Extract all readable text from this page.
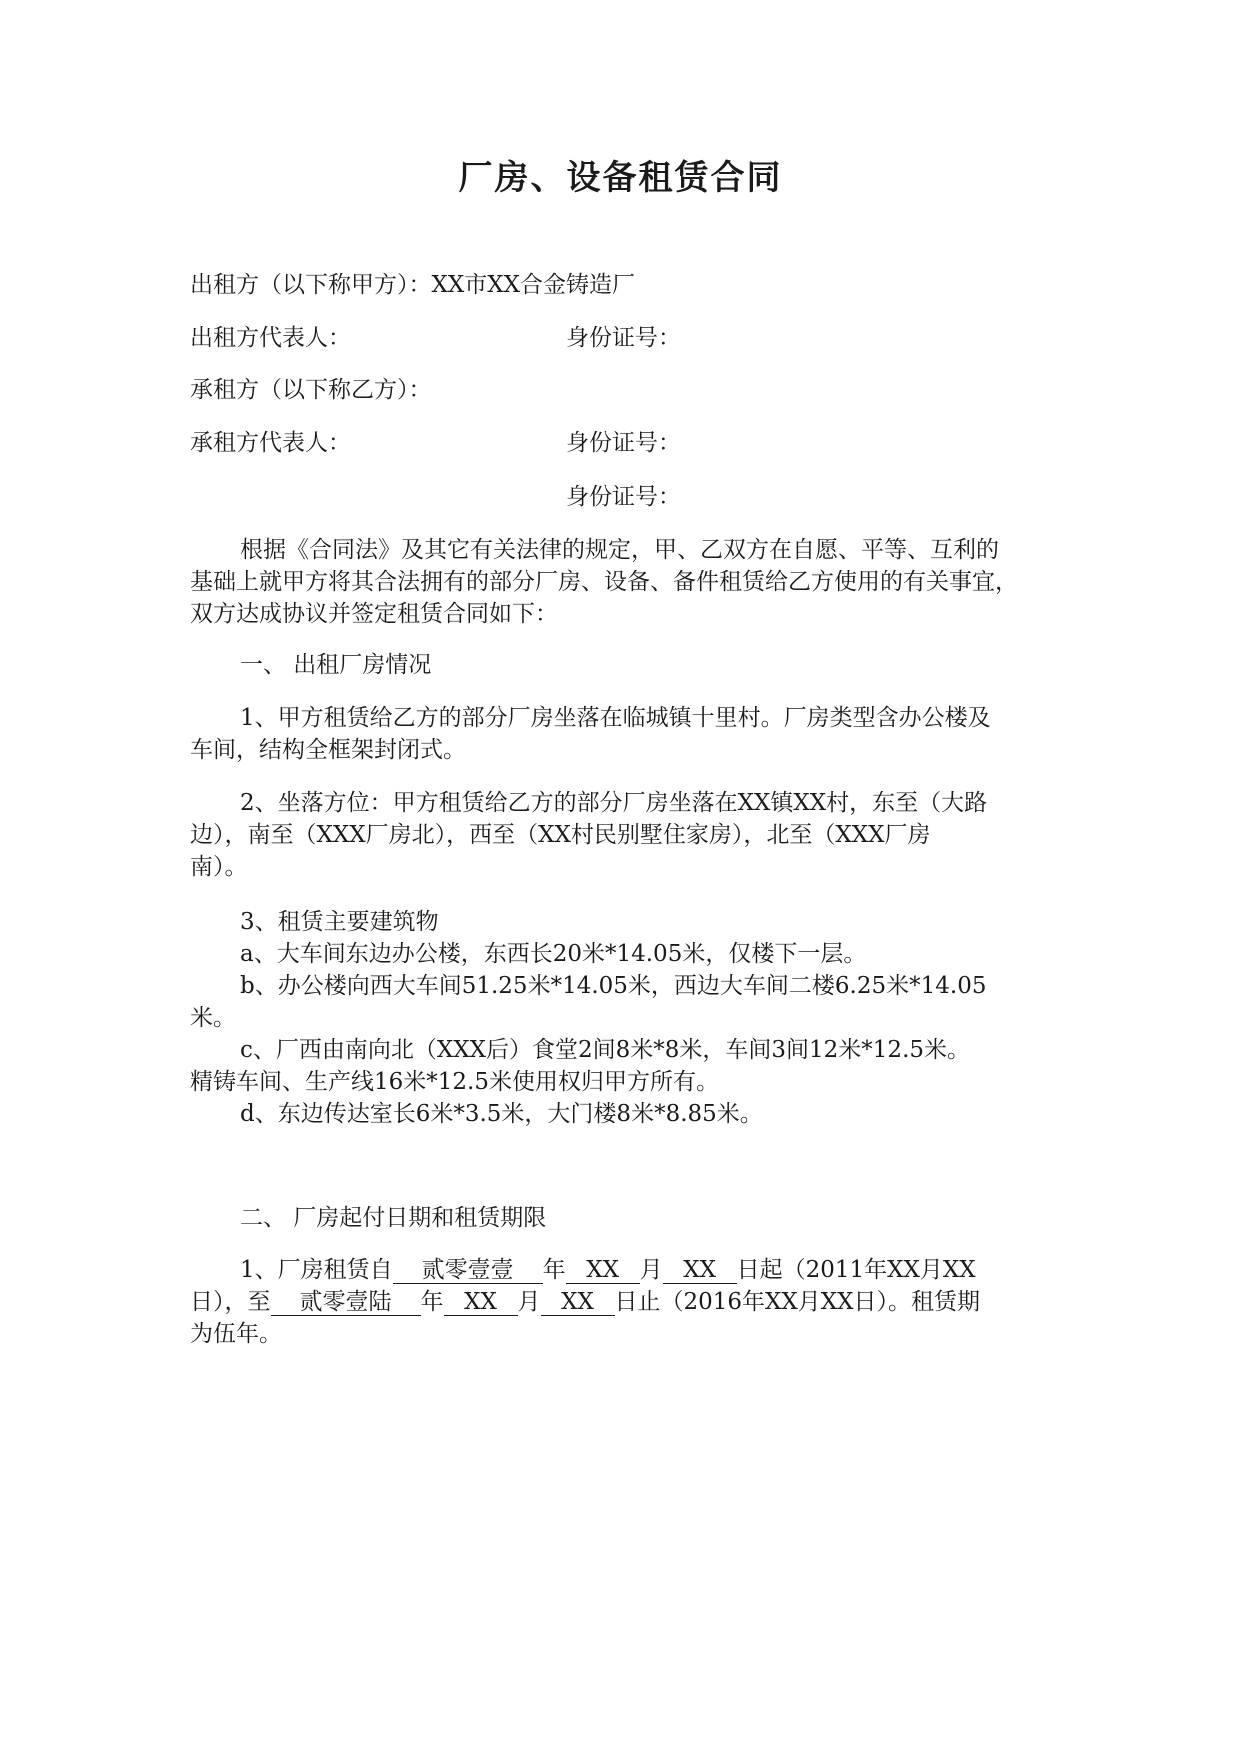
厂房、设备租赁合同

出租方（以下称甲方）：XX市XX合金铸造厂

出租方代表人：	身份证号：

承租方（以下称乙方）：

承租方代表人：	身份证号：

身份证号：

根据《合同法》及其它有关法律的规定，甲、乙双方在自愿、平等、互利的

基础上就甲方将其合法拥有的部分厂房、设备、备件租赁给乙方使用的有关事宜，

双方达成协议并签定租赁合同如下：

一、 出租厂房情况

1、甲方租赁给乙方的部分厂房坐落在临城镇十里村。厂房类型含办公楼及

车间，结构全框架封闭式。

2、坐落方位：甲方租赁给乙方的部分厂房坐落在XX镇XX村，东至（大路

边），南至（XXX厂房北），西至（XX村民别墅住家房），北至（XXX厂房

南）。

3、租赁主要建筑物

a、大车间东边办公楼，东西长20米*14.05米，仅楼下一层。

b、办公楼向西大车间51.25米*14.05米，西边大车间二楼6.25米*14.05

米。

c、厂西由南向北（XXX后）食堂2间8米*8米，车间3间12米*12.5米。

精铸车间、生产线16米*12.5米使用权归甲方所有。

d、东边传达室长6米*3.5米，大门楼8米*8.85米。

二、 厂房起付日期和租赁期限

1、厂房租赁自 贰零壹壹 年 XX 月 XX 日起（2011年XX月XX

日），至 贰零壹陆 年 XX 月 XX 日止（2016年XX月XX日）。租赁期

为伍年。
